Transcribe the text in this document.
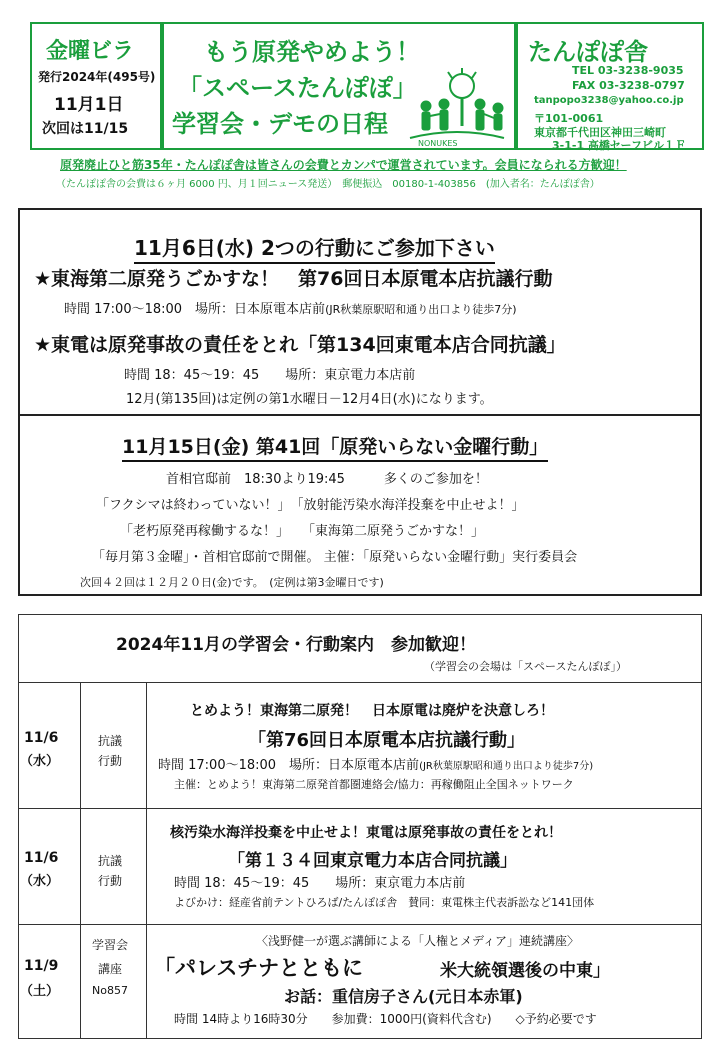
金曜ビラ
発行2024年(495号)
11月1日
次回は11/15
もう原発やめよう！
「スペースたんぽぽ」
学習会・デモの日程
NONUKES
たんぽぽ舎
TEL 03-3238-9035
FAX 03-3238-0797
tanpopo3238@yahoo.co.jp
〒101-0061
東京都千代田区神田三崎町
3-1-1 高橋セーフビル１Ｆ
原発廃止ひと筋35年・たんぽぽ舎は皆さんの会費とカンパで運営されています。会員になられる方歓迎！
（たんぽぽ舎の会費は６ヶ月 6000 円、月１回ニュース発送）　郵便振込　00180-1-403856　(加入者名：たんぽぽ舎）
11月6日(水) 2つの行動にご参加下さい
★東海第二原発うごかすな！　第76回日本原電本店抗議行動
時間 17:00～18:00　場所：日本原電本店前(JR秋葉原駅昭和通り出口より徒歩7分)
★東電は原発事故の責任をとれ「第134回東電本店合同抗議」
時間 18：45～19：45　　場所：東京電力本店前
12月(第135回)は定例の第1水曜日－12月4日(水)になります。
11月15日(金) 第41回「原発いらない金曜行動」
首相官邸前　18:30より19:45　　　多くのご参加を！
「フクシマは終わっていない！」　「放射能汚染水海洋投棄を中止せよ！」
「老朽原発再稼働するな！」　　「東海第二原発うごかすな！」
「毎月第３金曜」・首相官邸前で開催。 主催：「原発いらない金曜行動」実行委員会
次回４２回は１２月２０日(金)です。　(定例は第3金曜日です)
2024年11月の学習会・行動案内　参加歓迎！
（学習会の会場は「スペースたんぽぽ」）
11/6
（水）
抗議
行動
とめよう！東海第二原発！　日本原電は廃炉を決意しろ！
「第76回日本原電本店抗議行動」
時間 17:00～18:00　場所：日本原電本店前(JR秋葉原駅昭和通り出口より徒歩7分)
主催：とめよう！東海第二原発首都圏連絡会/協力：再稼働阻止全国ネットワーク
11/6
（水）
抗議
行動
核汚染水海洋投棄を中止せよ！東電は原発事故の責任をとれ！
「第１３４回東京電力本店合同抗議」
時間 18：45～19：45　　場所：東京電力本店前
よびかけ：経産省前テントひろば/たんぽぽ舎　賛同：東電株主代表訴訟など141団体
11/9
（土）
学習会
講座
No857
〈浅野健一が選ぶ講師による「人権とメディア」連続講座〉
「パレスチナとともに	米大統領選後の中東」
お話：重信房子さん(元日本赤軍)
時間 14時より16時30分　　参加費：1000円(資料代含む)　　◇予約必要です
